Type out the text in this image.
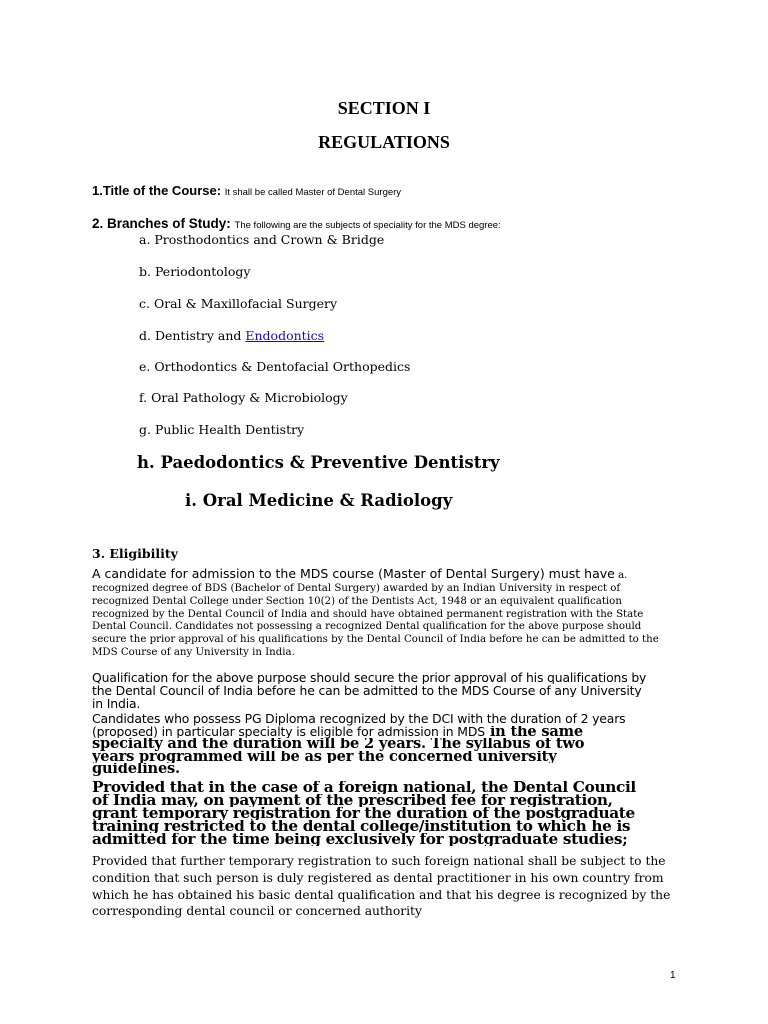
SECTION I
REGULATIONS
1.Title of the Course: It shall be called Master of Dental Surgery
2. Branches of Study: The following are the subjects of speciality for the MDS degree:
a. Prosthodontics and Crown & Bridge
b. Periodontology
c. Oral & Maxillofacial Surgery
d. Dentistry and Endodontics
e. Orthodontics & Dentofacial Orthopedics
f. Oral Pathology & Microbiology
g. Public Health Dentistry
h. Paedodontics & Preventive Dentistry
i. Oral Medicine & Radiology
3. Eligibility
A candidate for admission to the MDS course (Master of Dental Surgery) must have a.
recognized degree of BDS (Bachelor of Dental Surgery) awarded by an Indian University in respect of
recognized Dental College under Section 10(2) of the Dentists Act, 1948 or an equivalent qualification
recognized by the Dental Council of India and should have obtained permanent registration with the State
Dental Council. Candidates not possessing a recognized Dental qualification for the above purpose should
secure the prior approval of his qualifications by the Dental Council of India before he can be admitted to the
MDS Course of any University in India.
Qualification for the above purpose should secure the prior approval of his qualifications by
the Dental Council of India before he can be admitted to the MDS Course of any University
in India.
Candidates who possess PG Diploma recognized by the DCI with the duration of 2 years
(proposed) in particular specialty is eligible for admission in MDS in the same
specialty and the duration will be 2 years. The syllabus of two
years programmed will be as per the concerned university
guidelines.
Provided that in the case of a foreign national, the Dental Council
of India may, on payment of the prescribed fee for registration,
grant temporary registration for the duration of the postgraduate
training restricted to the dental college/institution to which he is
admitted for the time being exclusively for postgraduate studies;
Provided that further temporary registration to such foreign national shall be subject to the
condition that such person is duly registered as dental practitioner in his own country from
which he has obtained his basic dental qualification and that his degree is recognized by the
corresponding dental council or concerned authority
1
